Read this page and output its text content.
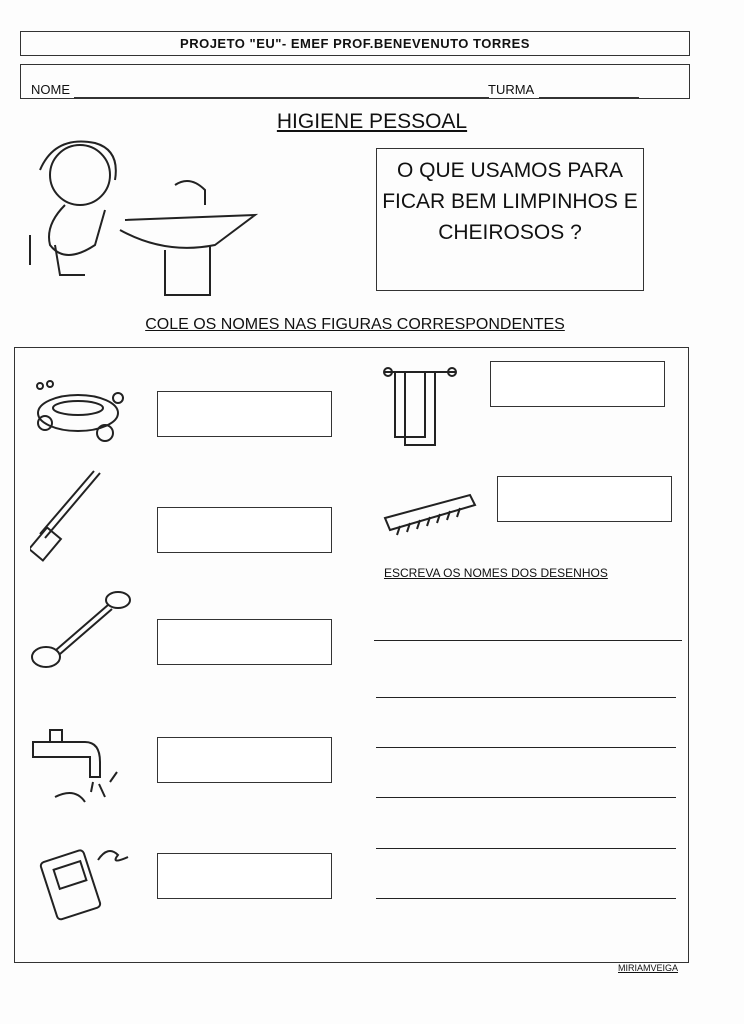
PROJETO "EU"- EMEF PROF.BENEVENUTO TORRES
NOME	TURMA
HIGIENE PESSOAL
O QUE USAMOS PARA FICAR BEM LIMPINHOS E CHEIROSOS ?
COLE OS NOMES NAS FIGURAS CORRESPONDENTES
ESCREVA OS NOMES DOS DESENHOS
MIRIAMVEIGA
